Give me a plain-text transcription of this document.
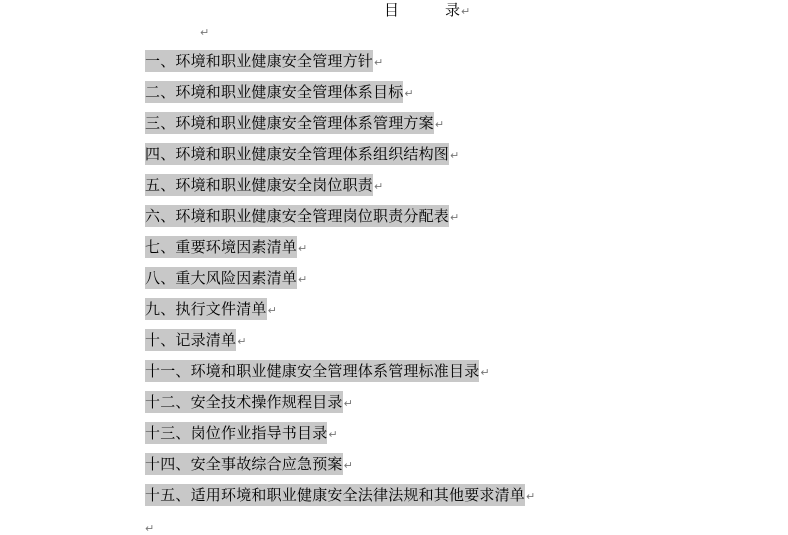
目	录↵
↵
一、环境和职业健康安全管理方针↵
二、环境和职业健康安全管理体系目标↵
三、环境和职业健康安全管理体系管理方案↵
四、环境和职业健康安全管理体系组织结构图↵
五、环境和职业健康安全岗位职责↵
六、环境和职业健康安全管理岗位职责分配表↵
七、重要环境因素清单↵
八、重大风险因素清单↵
九、执行文件清单↵
十、记录清单↵
十一、环境和职业健康安全管理体系管理标准目录↵
十二、安全技术操作规程目录↵
十三、岗位作业指导书目录↵
十四、安全事故综合应急预案↵
十五、适用环境和职业健康安全法律法规和其他要求清单↵
↵
